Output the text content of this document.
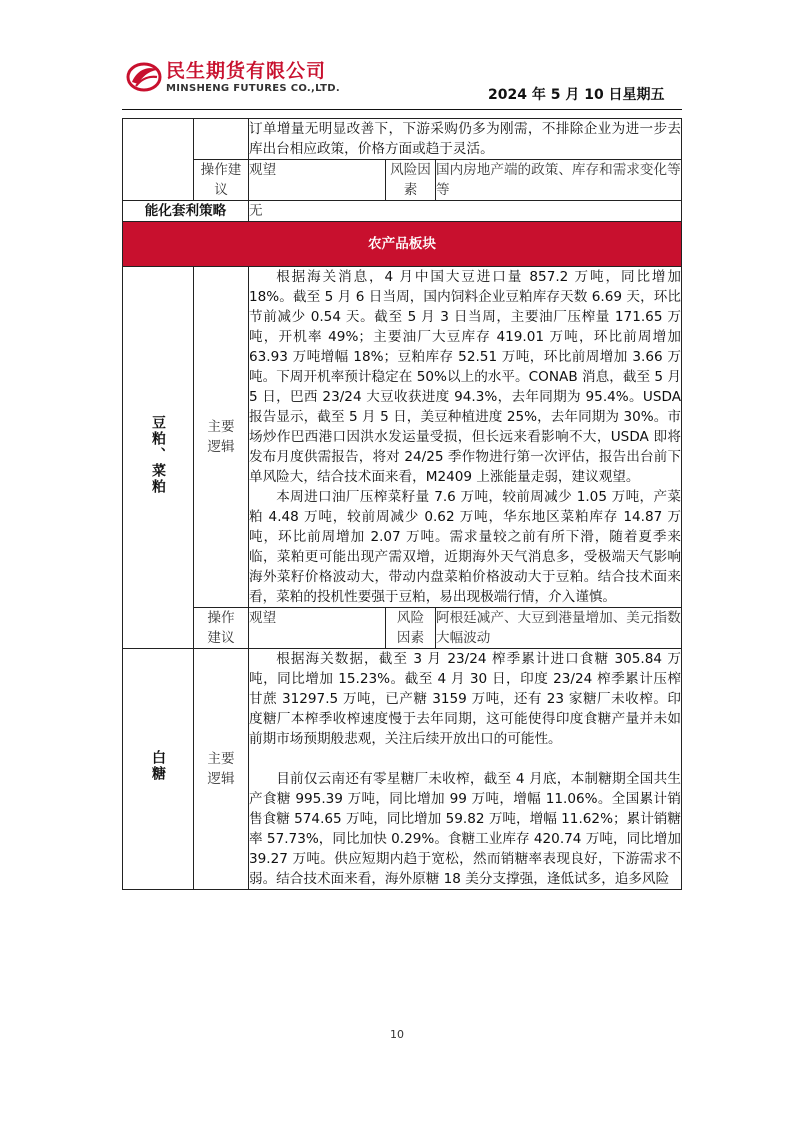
民生期货有限公司
MINSHENG FUTURES CO.,LTD.	2024 年 5 月 10 日星期五

		订单增量无明显改善下，下游采购仍多为刚需，不排除企业为进一步去库出台相应政策，价格方面或趋于灵活。		

	操作建议	观望	风险因素	国内房地产端的政策、库存和需求变化等等
能化套利策略		无		
农产品板块				
豆粕、菜粕	主要逻辑	根据海关消息，4 月中国大豆进口量 857.2 万吨，同比增加 18%。截至 5 月 6 日当周，国内饲料企业豆粕库存天数 6.69 天，环比节前减少 0.54 天。截至 5 月 3 日当周，主要油厂压榨量 171.65 万吨，开机率 49%；主要油厂大豆库存 419.01 万吨，环比前周增加 63.93 万吨增幅 18%；豆粕库存 52.51 万吨，环比前周增加 3.66 万吨。下周开机率预计稳定在 50%以上的水平。CONAB 消息，截至 5 月 5 日，巴西 23/24 大豆收获进度 94.3%，去年同期为 95.4%。USDA 报告显示，截至 5 月 5 日，美豆种植进度 25%，去年同期为 30%。市场炒作巴西港口因洪水发运量受损，但长远来看影响不大，USDA 即将发布月度供需报告，将对 24/25 季作物进行第一次评估，报告出台前下单风险大，结合技术面来看，M2409 上涨能量走弱，建议观望。

本周进口油厂压榨菜籽量 7.6 万吨，较前周减少 1.05 万吨，产菜粕 4.48 万吨，较前周减少 0.62 万吨，华东地区菜粕库存 14.87 万吨，环比前周增加 2.07 万吨。需求量较之前有所下滑，随着夏季来临，菜粕更可能出现产需双增，近期海外天气消息多，受极端天气影响海外菜籽价格波动大，带动内盘菜粕价格波动大于豆粕。结合技术面来看，菜粕的投机性要强于豆粕，易出现极端行情，介入谨慎。		

	操作建议	观望	风险因素	阿根廷减产、大豆到港量增加、美元指数大幅波动
白糖	主要逻辑	根据海关数据，截至 3 月 23/24 榨季累计进口食糖 305.84 万吨，同比增加 15.23%。截至 4 月 30 日，印度 23/24 榨季累计压榨甘蔗 31297.5 万吨，已产糖 3159 万吨，还有 23 家糖厂未收榨。印度糖厂本榨季收榨速度慢于去年同期，这可能使得印度食糖产量并未如前期市场预期般悲观，关注后续开放出口的可能性。

目前仅云南还有零星糖厂未收榨，截至 4 月底，本制糖期全国共生产食糖 995.39 万吨，同比增加 99 万吨，增幅 11.06%。全国累计销售食糖 574.65 万吨，同比增加 59.82 万吨，增幅 11.62%；累计销糖率 57.73%，同比加快 0.29%。食糖工业库存 420.74 万吨，同比增加 39.27 万吨。供应短期内趋于宽松，然而销糖率表现良好，下游需求不弱。结合技术面来看，海外原糖 18 美分支撑强，逢低试多，追多风险		

10
